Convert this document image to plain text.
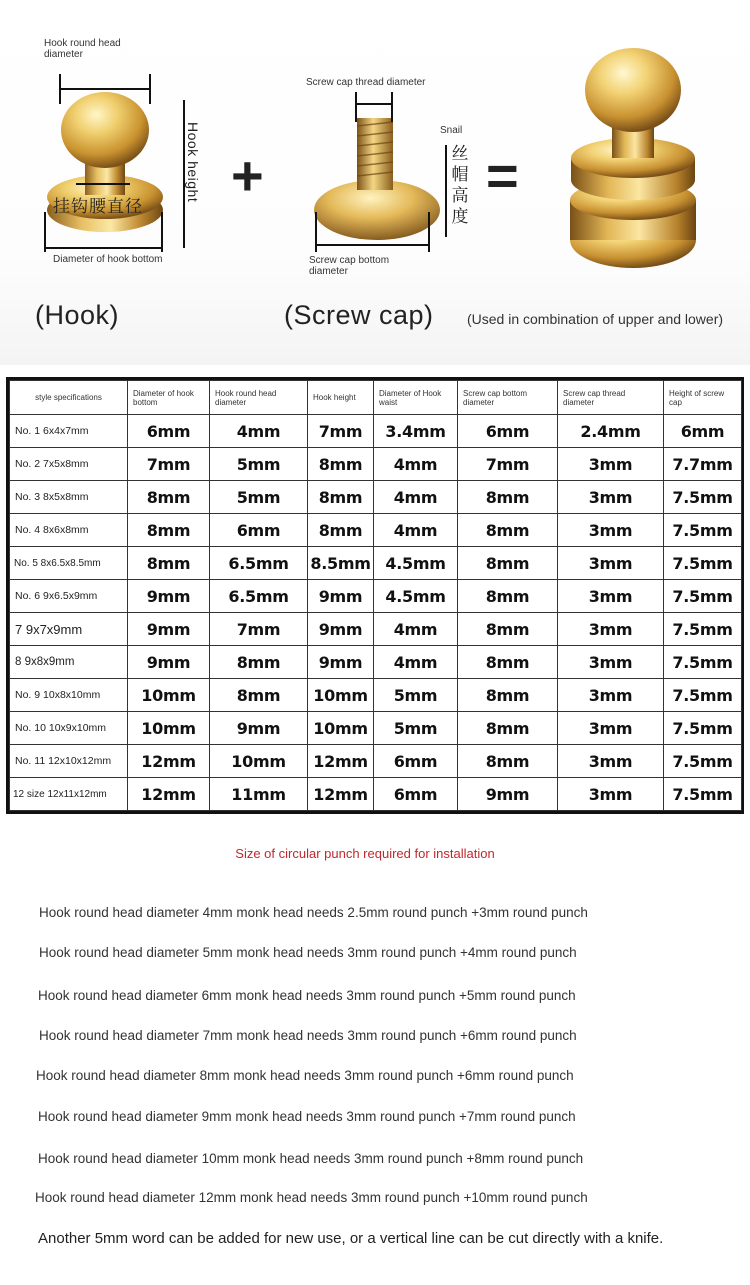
Hook round head diameter
挂钩腰直径
Hook height
Diameter of hook bottom
(Hook)
+
Screw cap thread diameter
Snail
丝帽高度
Screw cap bottom diameter
(Screw cap)
=
(Used in combination of upper and lower)
style specifications	Diameter of hook bottom	Hook round head diameter	Hook height	Diameter of Hook waist	Screw cap bottom diameter	Screw cap thread diameter	Height of screw cap
No. 1 6x4x7mm	6mm	4mm	7mm	3.4mm	6mm	2.4mm	6mm
No. 2 7x5x8mm	7mm	5mm	8mm	4mm	7mm	3mm	7.7mm
No. 3 8x5x8mm	8mm	5mm	8mm	4mm	8mm	3mm	7.5mm
No. 4 8x6x8mm	8mm	6mm	8mm	4mm	8mm	3mm	7.5mm
No. 5 8x6.5x8.5mm	8mm	6.5mm	8.5mm	4.5mm	8mm	3mm	7.5mm
No. 6 9x6.5x9mm	9mm	6.5mm	9mm	4.5mm	8mm	3mm	7.5mm
7 9x7x9mm	9mm	7mm	9mm	4mm	8mm	3mm	7.5mm
8 9x8x9mm	9mm	8mm	9mm	4mm	8mm	3mm	7.5mm
No. 9 10x8x10mm	10mm	8mm	10mm	5mm	8mm	3mm	7.5mm
No. 10 10x9x10mm	10mm	9mm	10mm	5mm	8mm	3mm	7.5mm
No. 11 12x10x12mm	12mm	10mm	12mm	6mm	8mm	3mm	7.5mm
12 size 12x11x12mm	12mm	11mm	12mm	6mm	9mm	3mm	7.5mm
Size of circular punch required for installation
Hook round head diameter 4mm monk head needs 2.5mm round punch +3mm round punch
Hook round head diameter 5mm monk head needs 3mm round punch +4mm round punch
Hook round head diameter 6mm monk head needs 3mm round punch +5mm round punch
Hook round head diameter 7mm monk head needs 3mm round punch +6mm round punch
Hook round head diameter 8mm monk head needs 3mm round punch +6mm round punch
Hook round head diameter 9mm monk head needs 3mm round punch +7mm round punch
Hook round head diameter 10mm monk head needs 3mm round punch +8mm round punch
Hook round head diameter 12mm monk head needs 3mm round punch +10mm round punch
Another 5mm word can be added for new use, or a vertical line can be cut directly with a knife.
